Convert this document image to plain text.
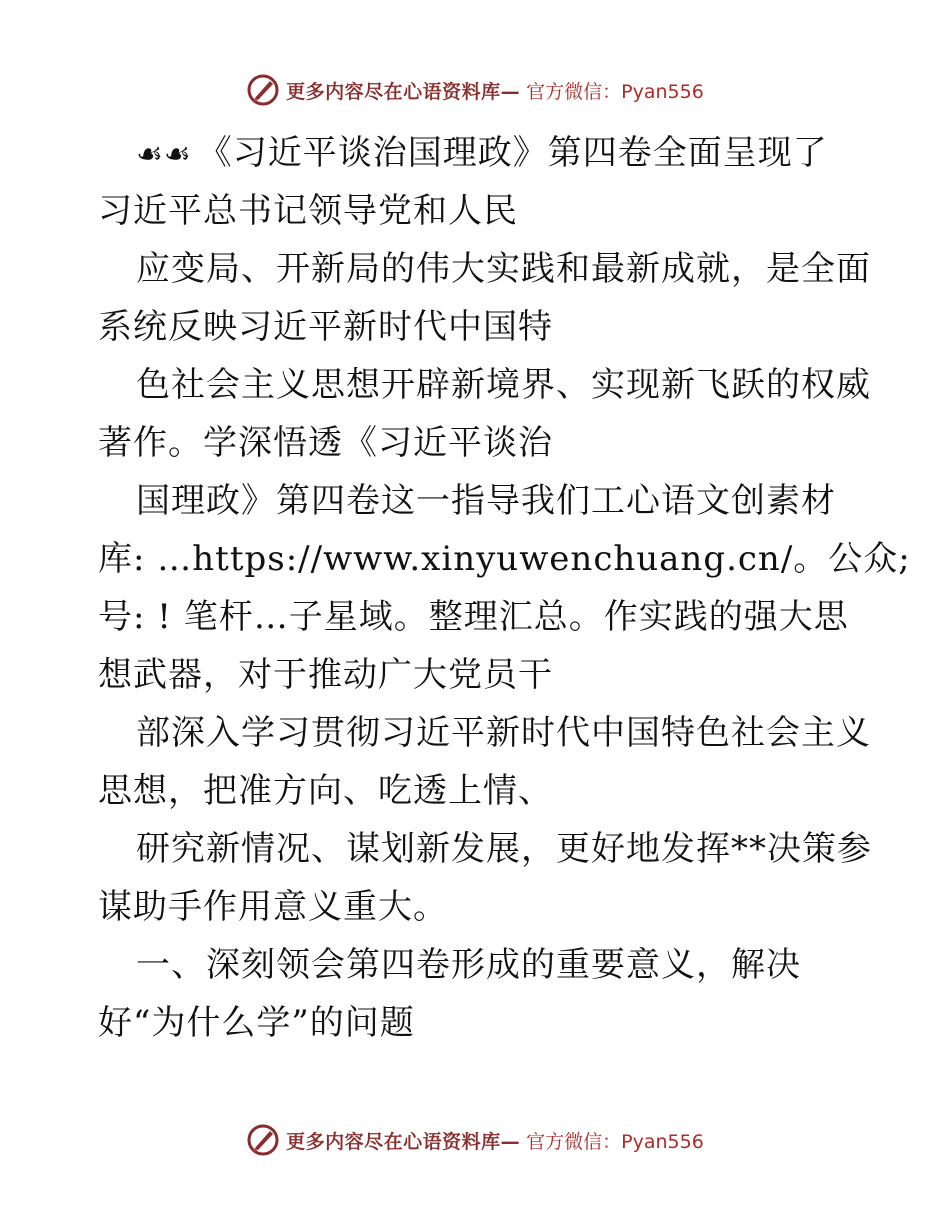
更多内容尽在心语资料库— 官方微信：Pyan556
☙☙ 《习近平谈治国理政》第四卷全面呈现了
习近平总书记领导党和人民
应变局、开新局的伟大实践和最新成就，是全面
系统反映习近平新时代中国特
色社会主义思想开辟新境界、实现新飞跃的权威
著作。学深悟透《习近平谈治
国理政》第四卷这一指导我们工心语文创素材
库: …https://www.xinyuwenchuang.cn/。公众;
号: ! 笔杆…子星域。整理汇总。作实践的强大思
想武器，对于推动广大党员干
部深入学习贯彻习近平新时代中国特色社会主义
思想，把准方向、吃透上情、
研究新情况、谋划新发展，更好地发挥**决策参
谋助手作用意义重大。
一、深刻领会第四卷形成的重要意义，解决
好“为什么学”的问题
更多内容尽在心语资料库— 官方微信：Pyan556
